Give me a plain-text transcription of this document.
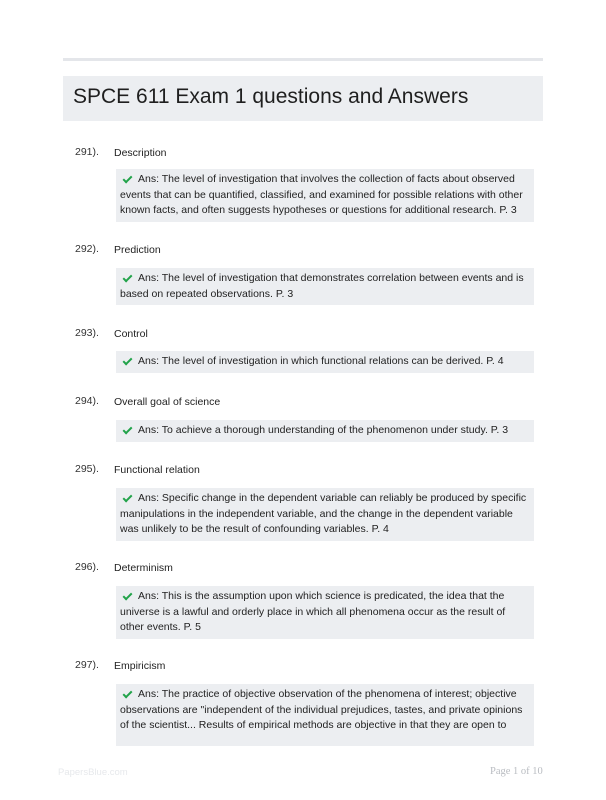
SPCE 611 Exam 1 questions and Answers
291). Description
Ans: The level of investigation that involves the collection of facts about observed events that can be quantified, classified, and examined for possible relations with other known facts, and often suggests hypotheses or questions for additional research. P. 3
292). Prediction
Ans: The level of investigation that demonstrates correlation between events and is based on repeated observations. P. 3
293). Control
Ans: The level of investigation in which functional relations can be derived. P. 4
294). Overall goal of science
Ans: To achieve a thorough understanding of the phenomenon under study. P. 3
295). Functional relation
Ans: Specific change in the dependent variable can reliably be produced by specific manipulations in the independent variable, and the change in the dependent variable was unlikely to be the result of confounding variables. P. 4
296). Determinism
Ans: This is the assumption upon which science is predicated, the idea that the universe is a lawful and orderly place in which all phenomena occur as the result of other events. P. 5
297). Empiricism
Ans: The practice of objective observation of the phenomena of interest; objective observations are "independent of the individual prejudices, tastes, and private opinions of the scientist... Results of empirical methods are objective in that they are open to
PapersBlue.com	Page 1 of 10
